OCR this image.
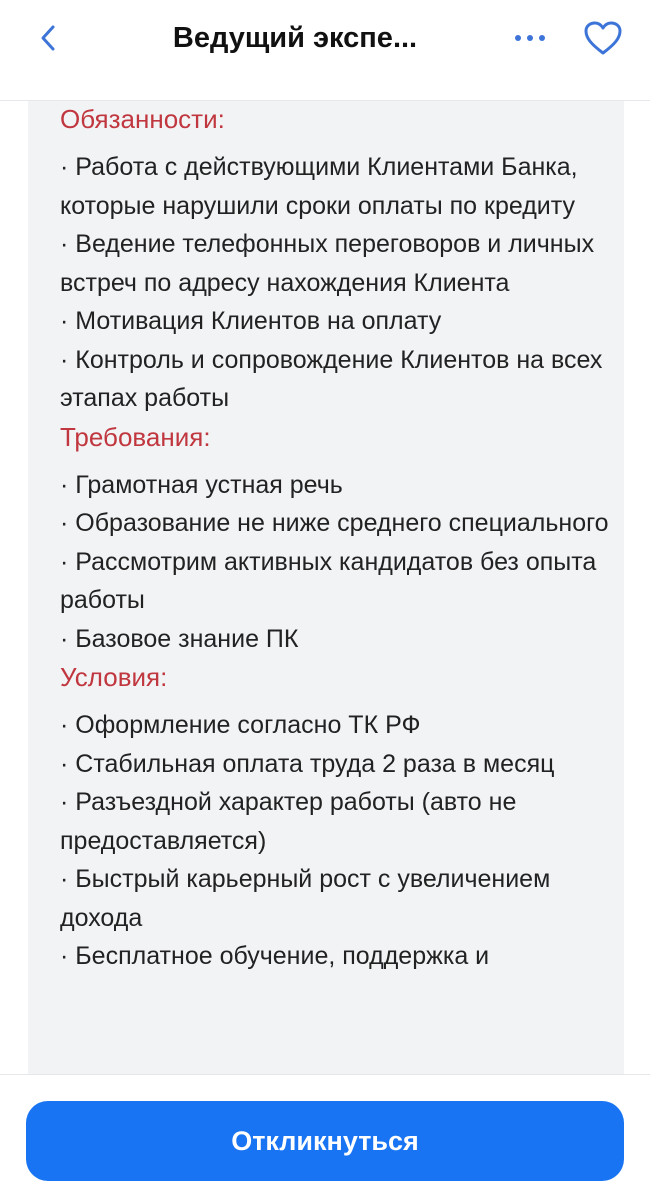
Ведущий экспе...
Обязанности:
· Работа с действующими Клиентами Банка, которые нарушили сроки оплаты по кредиту
· Ведение телефонных переговоров и личных встреч по адресу нахождения Клиента
· Мотивация Клиентов на оплату
· Контроль и сопровождение Клиентов на всех этапах работы
Требования:
· Грамотная устная речь
· Образование не ниже среднего специального
· Рассмотрим активных кандидатов без опыта работы
· Базовое знание ПК
Условия:
· Оформление согласно ТК РФ
· Стабильная оплата труда 2 раза в месяц
· Разъездной характер работы (авто не предоставляется)
· Быстрый карьерный рост с увеличением дохода
· Бесплатное обучение, поддержка и
Откликнуться
